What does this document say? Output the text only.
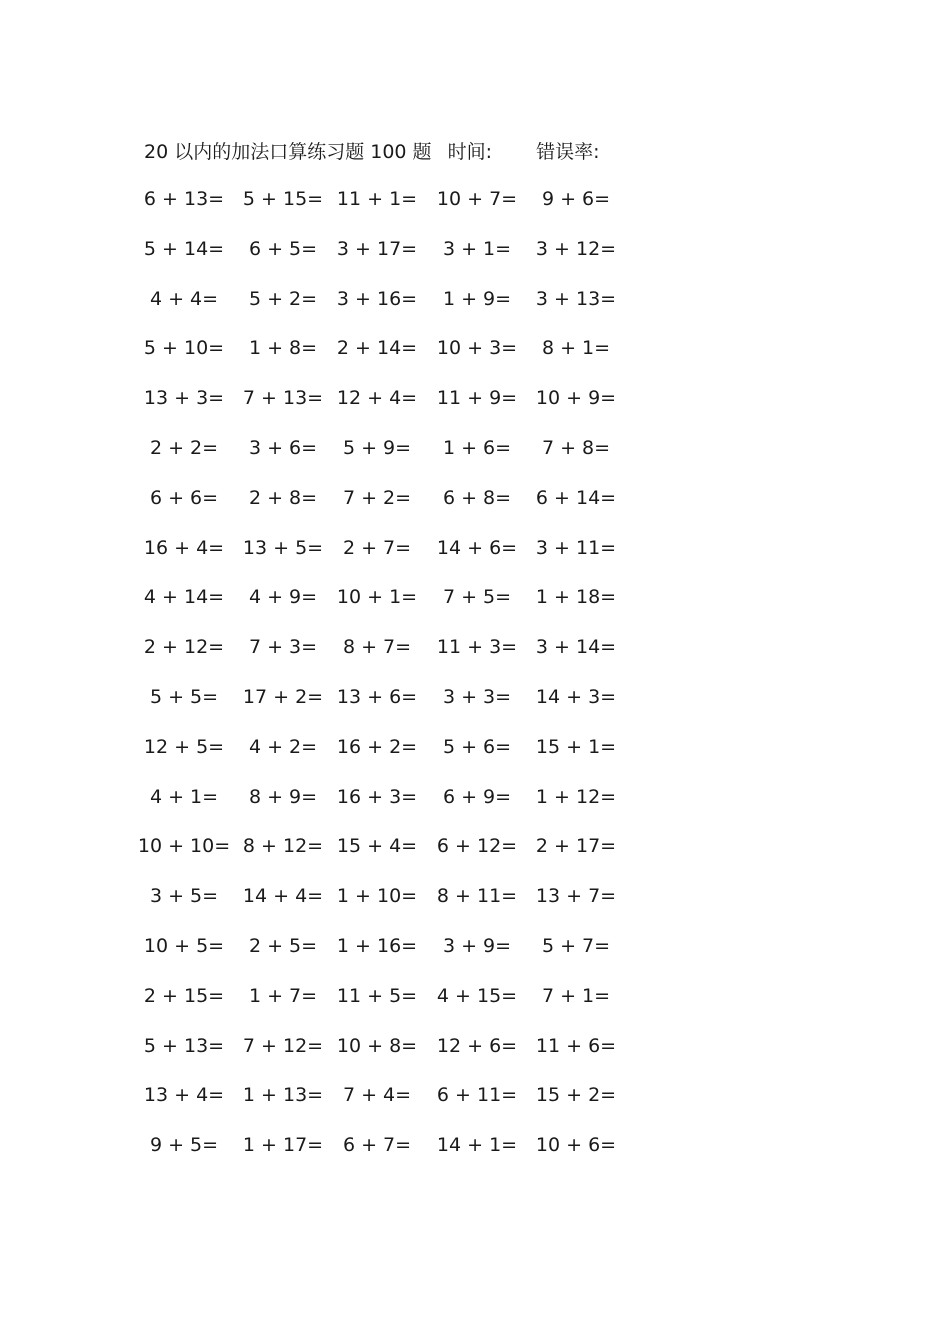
20 以内的加法口算练习题 100 题 时间: 错误率:
6 + 13= 5 + 15= 11 + 1= 10 + 7= 9 + 6=
5 + 14= 6 + 5= 3 + 17= 3 + 1= 3 + 12=
4 + 4= 5 + 2= 3 + 16= 1 + 9= 3 + 13=
5 + 10= 1 + 8= 2 + 14= 10 + 3= 8 + 1=
13 + 3= 7 + 13= 12 + 4= 11 + 9= 10 + 9=
2 + 2= 3 + 6= 5 + 9= 1 + 6= 7 + 8=
6 + 6= 2 + 8= 7 + 2= 6 + 8= 6 + 14=
16 + 4= 13 + 5= 2 + 7= 14 + 6= 3 + 11=
4 + 14= 4 + 9= 10 + 1= 7 + 5= 1 + 18=
2 + 12= 7 + 3= 8 + 7= 11 + 3= 3 + 14=
5 + 5= 17 + 2= 13 + 6= 3 + 3= 14 + 3=
12 + 5= 4 + 2= 16 + 2= 5 + 6= 15 + 1=
4 + 1= 8 + 9= 16 + 3= 6 + 9= 1 + 12=
10 + 10= 8 + 12= 15 + 4= 6 + 12= 2 + 17=
3 + 5= 14 + 4= 1 + 10= 8 + 11= 13 + 7=
10 + 5= 2 + 5= 1 + 16= 3 + 9= 5 + 7=
2 + 15= 1 + 7= 11 + 5= 4 + 15= 7 + 1=
5 + 13= 7 + 12= 10 + 8= 12 + 6= 11 + 6=
13 + 4= 1 + 13= 7 + 4= 6 + 11= 15 + 2=
9 + 5= 1 + 17= 6 + 7= 14 + 1= 10 + 6=
